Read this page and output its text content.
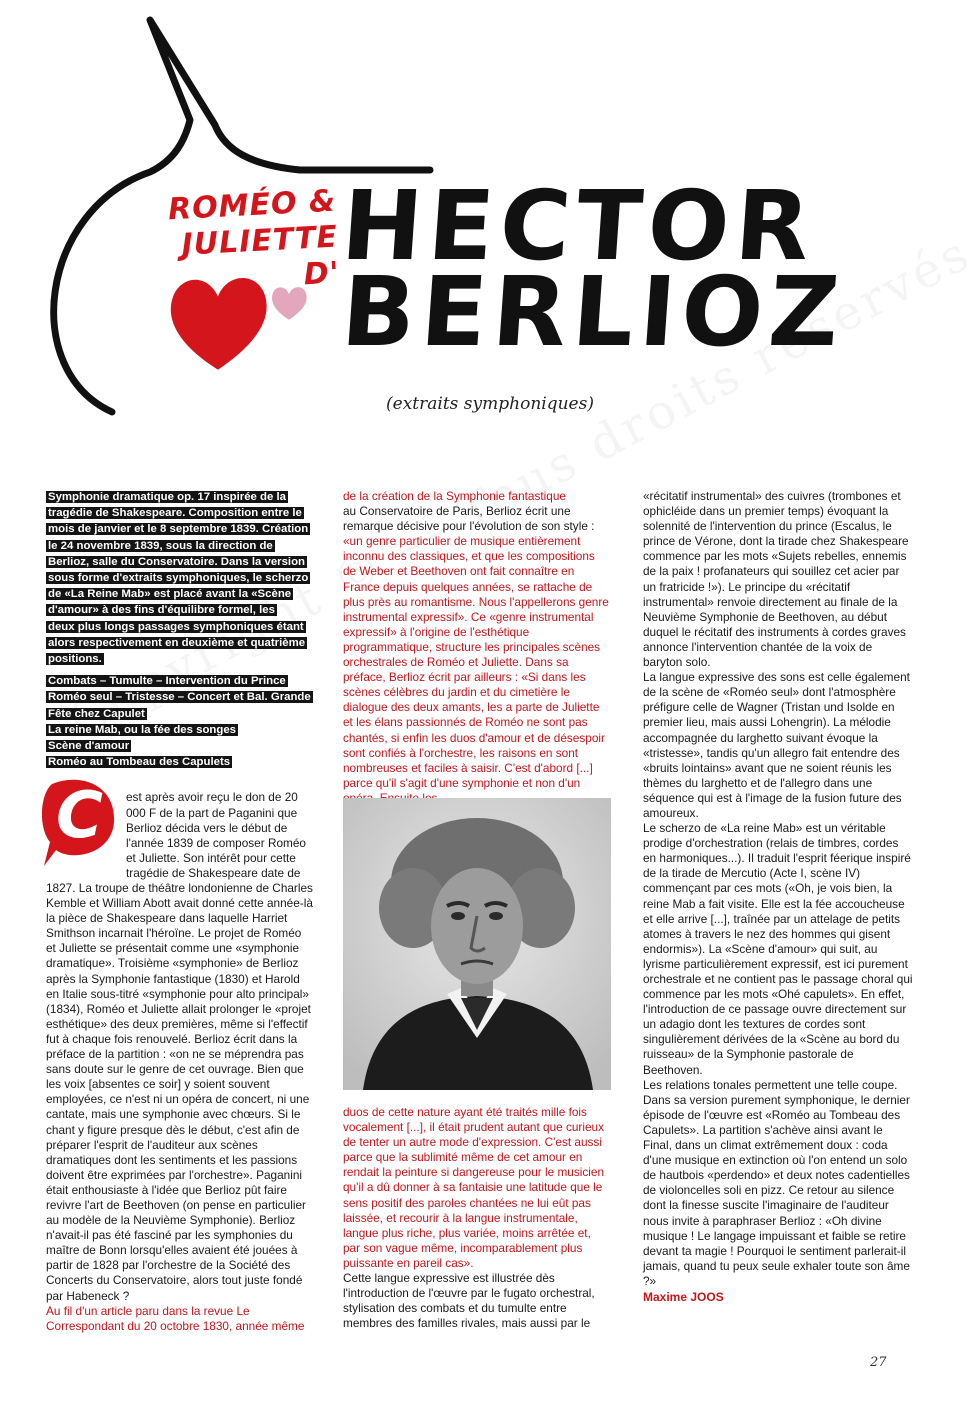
ROMÉO &
JULIETTE D'
HECTOR
BERLIOZ
(extraits symphoniques)
Symphonie dramatique op. 17 inspirée de la
tragédie de Shakespeare. Composition entre le
mois de janvier et le 8 septembre 1839. Création
le 24 novembre 1839, sous la direction de
Berlioz, salle du Conservatoire. Dans la version
sous forme d'extraits symphoniques, le scherzo
de «La Reine Mab» est placé avant la «Scène
d'amour» à des fins d'équilibre formel, les
deux plus longs passages symphoniques étant
alors respectivement en deuxième et quatrième
positions.
Combats – Tumulte – Intervention du Prince
Roméo seul – Tristesse – Concert et Bal. Grande
Fête chez Capulet
La reine Mab, ou la fée des songes
Scène d'amour
Roméo au Tombeau des Capulets
C	est après avoir reçu le don de 20 000 F de la part de Paganini que Berlioz décida vers le début de l'année 1839 de composer Roméo et Juliette. Son intérêt pour cette tragédie de Shakespeare date de 1827. La troupe de théâtre londonienne de Charles Kemble et William Abott avait donné cette année-là la pièce de Shakespeare dans laquelle Harriet Smithson incarnait l'héroïne. Le projet de Roméo et Juliette se présentait comme une «symphonie dramatique». Troisième «symphonie» de Berlioz après la Symphonie fantastique (1830) et Harold en Italie sous-titré «symphonie pour alto principal» (1834), Roméo et Juliette allait prolonger le «projet esthétique» des deux premières, même si l'effectif fut à chaque fois renouvelé. Berlioz écrit dans la préface de la partition : «on ne se méprendra pas sans doute sur le genre de cet ouvrage. Bien que les voix [absentes ce soir] y soient souvent employées, ce n'est ni un opéra de concert, ni une cantate, mais une symphonie avec chœurs. Si le chant y figure presque dès le début, c'est afin de préparer l'esprit de l'auditeur aux scènes dramatiques dont les sentiments et les passions doivent être exprimées par l'orchestre». Paganini était enthousiaste à l'idée que Berlioz pût faire revivre l'art de Beethoven (on pense en particulier au modèle de la Neuvième Symphonie). Berlioz n'avait-il pas été fasciné par les symphonies du maître de Bonn lorsqu'elles avaient été jouées à partir de 1828 par l'orchestre de la Société des Concerts du Conservatoire, alors tout juste fondé par Habeneck ?

Au fil d'un article paru dans la revue Le Correspondant du 20 octobre 1830, année même

de la création de la Symphonie fantastique

au Conservatoire de Paris, Berlioz écrit une remarque décisive pour l'évolution de son style :

«un genre particulier de musique entièrement inconnu des classiques, et que les compositions de Weber et Beethoven ont fait connaître en France depuis quelques années, se rattache de plus près au romantisme. Nous l'appellerons genre instrumental expressif». Ce «genre instrumental expressif» à l'origine de l'esthétique programmatique, structure les principales scènes orchestrales de Roméo et Juliette. Dans sa préface, Berlioz écrit par ailleurs : «Si dans les scènes célèbres du jardin et du cimetière le dialogue des deux amants, les a parte de Juliette et les élans passionnés de Roméo ne sont pas chantés, si enfin les duos d'amour et de désespoir sont confiés à l'orchestre, les raisons en sont nombreuses et faciles à saisir. C'est d'abord [...] parce qu'il s'agit d'une symphonie et non d'un

duos de cette nature ayant été traités mille fois vocalement [...], il était prudent autant que curieux de tenter un autre mode d'expression. C'est aussi parce que la sublimité même de cet amour en rendait la peinture si dangereuse pour le musicien qu'il a dû donner à sa fantaisie une latitude que le sens positif des paroles chantées ne lui eût pas laissée, et recourir à la langue instrumentale, langue plus riche, plus variée, moins arrêtée et, par son vague même, incomparablement plus puissante en pareil cas».

Cette langue expressive est illustrée dès l'introduction de l'œuvre par le fugato orchestral, stylisation des combats et du tumulte entre membres des familles rivales, mais aussi par le

«récitatif instrumental» des cuivres (trombones et ophicléide dans un premier temps) évoquant la solennité de l'intervention du prince (Escalus, le prince de Vérone, dont la tirade chez Shakespeare commence par les mots «Sujets rebelles, ennemis de la paix ! profanateurs qui souillez cet acier par un fratricide !»). Le principe du «récitatif instrumental» renvoie directement au finale de la Neuvième Symphonie de Beethoven, au début duquel le récitatif des instruments à cordes graves annonce l'intervention chantée de la voix de baryton solo.

La langue expressive des sons est celle également de la scène de «Roméo seul» dont l'atmosphère préfigure celle de Wagner (Tristan und Isolde en premier lieu, mais aussi Lohengrin). La mélodie accompagnée du larghetto suivant évoque la «tristesse», tandis qu'un allegro fait entendre des «bruits lointains» avant que ne soient réunis les thèmes du larghetto et de l'allegro dans une séquence qui est à l'image de la fusion future des amoureux.

Le scherzo de «La reine Mab» est un véritable prodige d'orchestration (relais de timbres, cordes en harmoniques...). Il traduit l'esprit féerique inspiré de la tirade de Mercutio (Acte I, scène IV) commençant par ces mots («Oh, je vois bien, la reine Mab a fait visite. Elle est la fée accoucheuse et elle arrive [...], traînée par un attelage de petits atomes à travers le nez des hommes qui gisent endormis»). La «Scène d'amour» qui suit, au lyrisme particulièrement expressif, est ici purement orchestrale et ne contient pas le passage choral qui commence par les mots «Ohé capulets». En effet, l'introduction de ce passage ouvre directement sur un adagio dont les textures de cordes sont singulièrement dérivées de la «Scène au bord du ruisseau» de la Symphonie pastorale de Beethoven.

Les relations tonales permettent une telle coupe. Dans sa version purement symphonique, le dernier épisode de l'œuvre est «Roméo au Tombeau des Capulets». La partition s'achève ainsi avant le Final, dans un climat extrêmement doux : coda d'une musique en extinction où l'on entend un solo de hautbois «perdendo» et deux notes cadentielles de violoncelles soli en pizz. Ce retour au silence dont la finesse suscite l'imaginaire de l'auditeur nous invite à paraphraser Berlioz : «Oh divine musique ! Le langage impuissant et faible se retire devant ta magie ! Pourquoi le sentiment parlerait-il jamais, quand tu peux seule exhaler toute son âme ?»

Maxime JOOS
27
